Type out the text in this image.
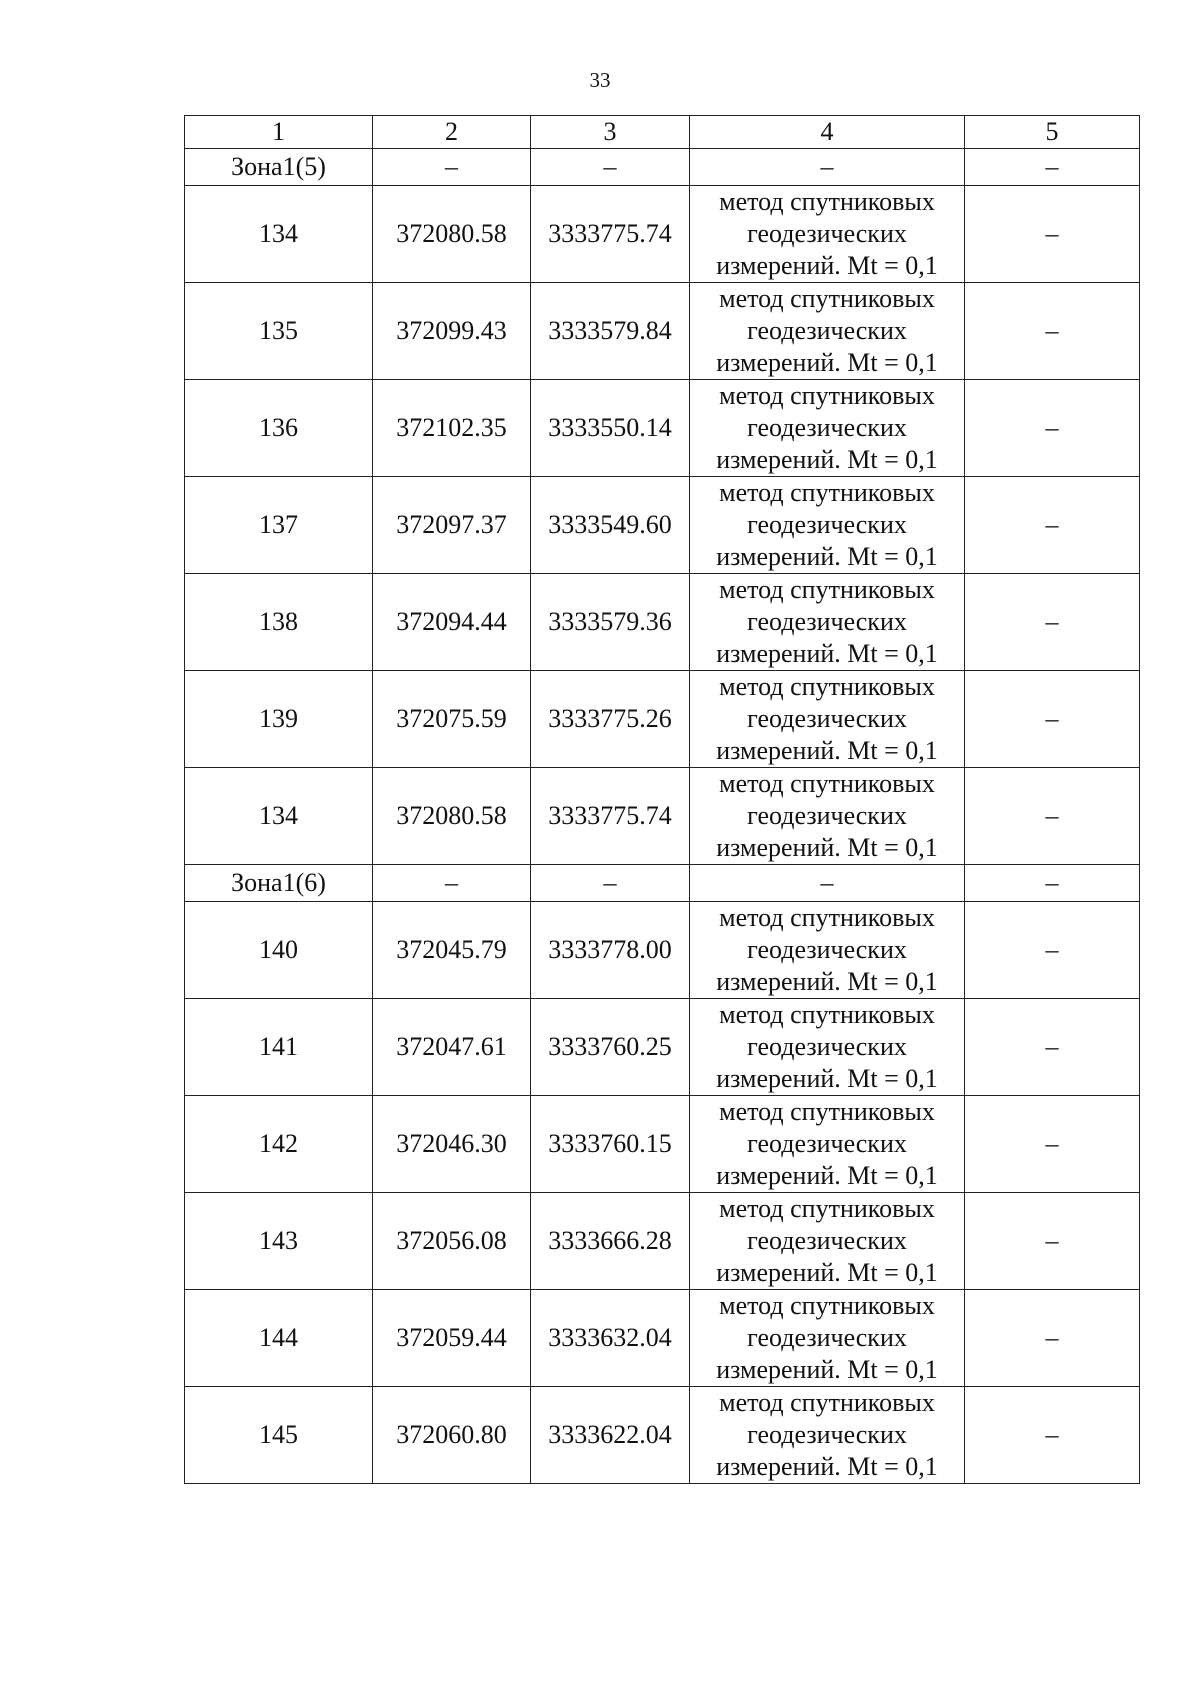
33
1	2	3	4	5
Зона1(5)	–	–	–	–
134	372080.58	3333775.74	метод спутниковых
геодезических
измерений. Mt = 0,1	–
135	372099.43	3333579.84	метод спутниковых
геодезических
измерений. Mt = 0,1	–
136	372102.35	3333550.14	метод спутниковых
геодезических
измерений. Mt = 0,1	–
137	372097.37	3333549.60	метод спутниковых
геодезических
измерений. Mt = 0,1	–
138	372094.44	3333579.36	метод спутниковых
геодезических
измерений. Mt = 0,1	–
139	372075.59	3333775.26	метод спутниковых
геодезических
измерений. Mt = 0,1	–
134	372080.58	3333775.74	метод спутниковых
геодезических
измерений. Mt = 0,1	–
Зона1(6)	–	–	–	–
140	372045.79	3333778.00	метод спутниковых
геодезических
измерений. Mt = 0,1	–
141	372047.61	3333760.25	метод спутниковых
геодезических
измерений. Mt = 0,1	–
142	372046.30	3333760.15	метод спутниковых
геодезических
измерений. Mt = 0,1	–
143	372056.08	3333666.28	метод спутниковых
геодезических
измерений. Mt = 0,1	–
144	372059.44	3333632.04	метод спутниковых
геодезических
измерений. Mt = 0,1	–
145	372060.80	3333622.04	метод спутниковых
геодезических
измерений. Mt = 0,1	–
